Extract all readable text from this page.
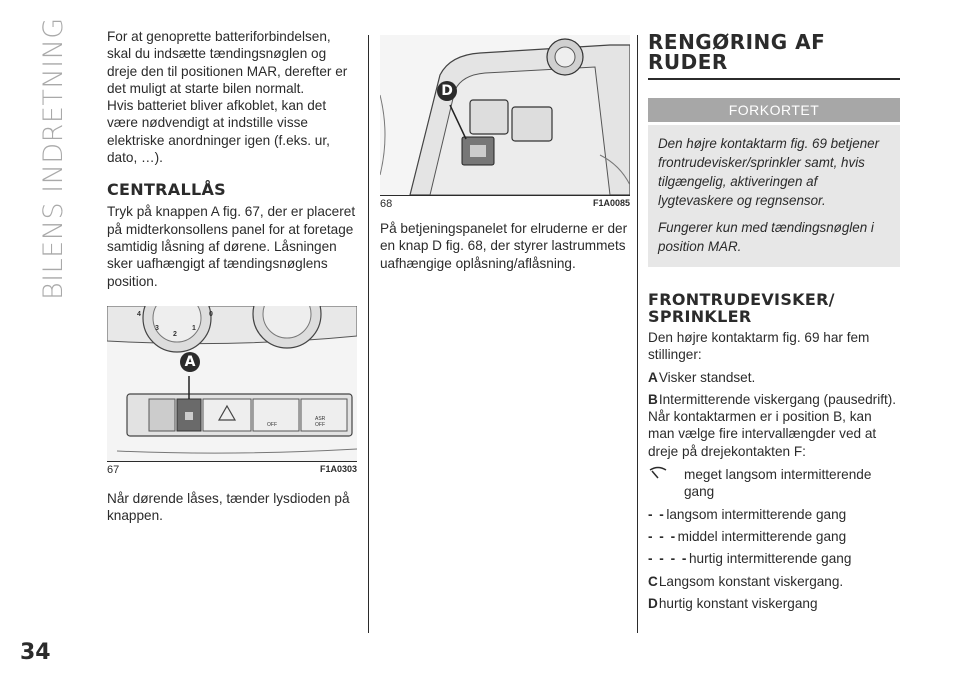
BILENS INDRETNING
34

For at genoprette batteriforbindelsen, skal du indsætte tændingsnøglen og dreje den til positionen MAR, derefter er det muligt at starte bilen normalt.

Hvis batteriet bliver afkoblet, kan det være nødvendigt at indstille visse elektriske anordninger igen (f.eks. ur, dato, …).

CENTRALLÅS

Tryk på knappen A fig. 67, der er placeret på midterkonsollens panel for at foretage samtidig låsning af dørene. Låsningen sker uafhængigt af tændingsnøglens position.

4
3
2
1
0
OFF
ASR
OFF
A
67	F1A0303

Når dørende låses, tænder lysdioden på knappen.

D
68	F1A0085

På betjeningspanelet for elruderne er der en knap D fig. 68, der styrer lastrummets uafhængige oplåsning/aflåsning.

RENGØRING AF RUDER
FORKORTET

Den højre kontaktarm fig. 69 betjener frontrudevisker/sprinkler samt, hvis tilgængelig, aktiveringen af lygtevaskere og regnsensor.

Fungerer kun med tændingsnøglen i position MAR.

FRONTRUDEVISKER/ SPRINKLER

Den højre kontaktarm fig. 69 har fem stillinger:

A Visker standset.
B Intermitterende viskergang (pausedrift).

Når kontaktarmen er i position B, kan man vælge fire intervallængder ved at dreje på drejekontakten F:

meget langsom intermitterende gang
- - langsom intermitterende gang
- - - middel intermitterende gang
- - - - hurtig intermitterende gang
C Langsom konstant viskergang.
D hurtig konstant viskergang
